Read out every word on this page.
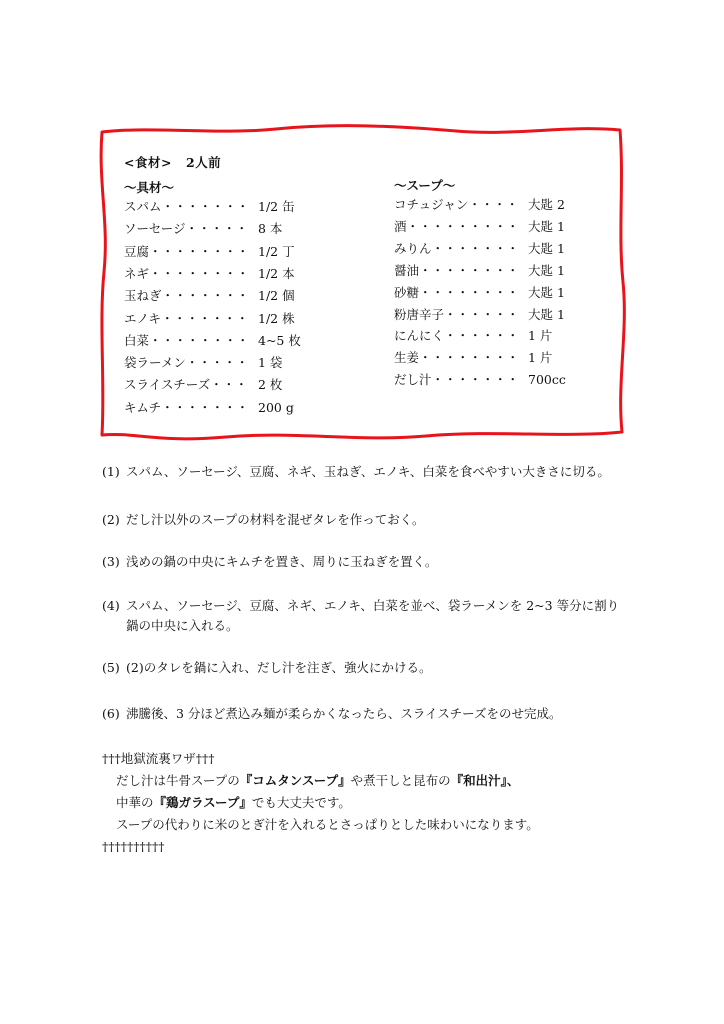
<食材> 2人前
〜具材〜	〜スープ〜
スパム・・・・・・・ 1/2 缶
ソーセージ・・・・・ 8 本
豆腐・・・・・・・・ 1/2 丁
ネギ・・・・・・・・ 1/2 本
玉ねぎ・・・・・・・ 1/2 個
エノキ・・・・・・・ 1/2 株
白菜・・・・・・・・ 4~5 枚
袋ラーメン・・・・・ 1 袋
スライスチーズ・・・ 2 枚
キムチ・・・・・・・ 200 g
コチュジャン・・・・ 大匙 2
酒・・・・・・・・・ 大匙 1
みりん・・・・・・・ 大匙 1
醤油・・・・・・・・ 大匙 1
砂糖・・・・・・・・ 大匙 1
粉唐辛子・・・・・・ 大匙 1
にんにく・・・・・・ 1 片
生姜・・・・・・・・ 1 片
だし汁・・・・・・・ 700cc
(1) スパム、ソーセージ、豆腐、ネギ、玉ねぎ、エノキ、白菜を食べやすい大きさに切る。
(2) だし汁以外のスープの材料を混ぜタレを作っておく。
(3) 浅めの鍋の中央にキムチを置き、周りに玉ねぎを置く。
(4) スパム、ソーセージ、豆腐、ネギ、エノキ、白菜を並べ、袋ラーメンを 2~3 等分に割り
鍋の中央に入れる。
(5) (2)のタレを鍋に入れ、だし汁を注ぎ、強火にかける。
(6) 沸騰後、3 分ほど煮込み麺が柔らかくなったら、スライスチーズをのせ完成。
†††地獄流裏ワザ†††
だし汁は牛骨スープの『コムタンスープ』や煮干しと昆布の『和出汁』、
中華の『鶏ガラスープ』でも大丈夫です。
スープの代わりに米のとぎ汁を入れるとさっぱりとした味わいになります。
††††††††††
